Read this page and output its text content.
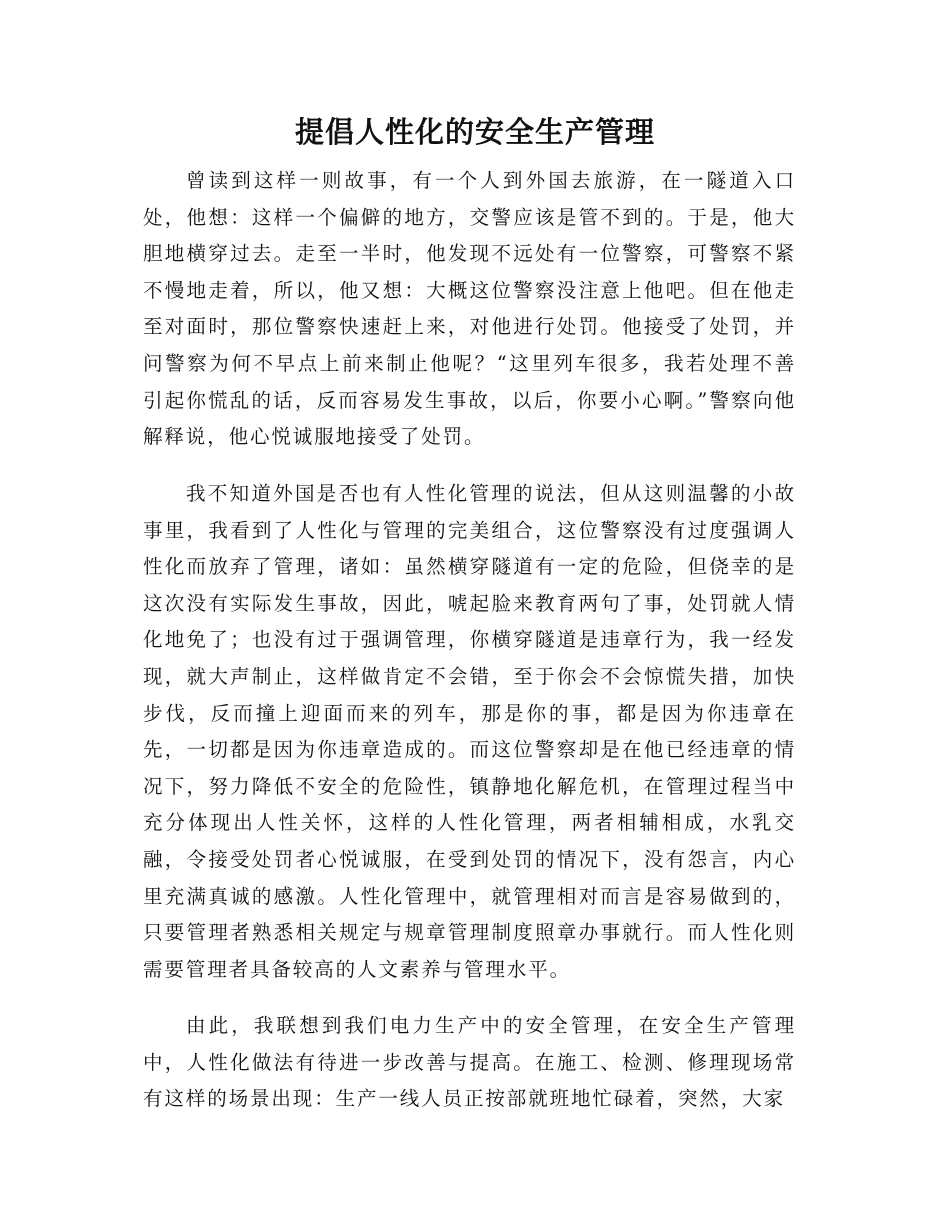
提倡人性化的安全生产管理

曾读到这样一则故事，有一个人到外国去旅游，在一隧道入口处，他想：这样一个偏僻的地方，交警应该是管不到的。于是，他大胆地横穿过去。走至一半时，他发现不远处有一位警察，可警察不紧不慢地走着，所以，他又想：大概这位警察没注意上他吧。但在他走至对面时，那位警察快速赶上来，对他进行处罚。他接受了处罚，并问警察为何不早点上前来制止他呢？“这里列车很多，我若处理不善引起你慌乱的话，反而容易发生事故，以后，你要小心啊。”警察向他解释说，他心悦诚服地接受了处罚。

我不知道外国是否也有人性化管理的说法，但从这则温馨的小故事里，我看到了人性化与管理的完美组合，这位警察没有过度强调人性化而放弃了管理，诸如：虽然横穿隧道有一定的危险，但侥幸的是这次没有实际发生事故，因此，唬起脸来教育两句了事，处罚就人情化地免了；也没有过于强调管理，你横穿隧道是违章行为，我一经发现，就大声制止，这样做肯定不会错，至于你会不会惊慌失措，加快步伐，反而撞上迎面而来的列车，那是你的事，都是因为你违章在先，一切都是因为你违章造成的。而这位警察却是在他已经违章的情况下，努力降低不安全的危险性，镇静地化解危机，在管理过程当中充分体现出人性关怀，这样的人性化管理，两者相辅相成，水乳交融，令接受处罚者心悦诚服，在受到处罚的情况下，没有怨言，内心里充满真诚的感激。人性化管理中，就管理相对而言是容易做到的，只要管理者熟悉相关规定与规章管理制度照章办事就行。而人性化则需要管理者具备较高的人文素养与管理水平。

由此，我联想到我们电力生产中的安全管理，在安全生产管理中，人性化做法有待进一步改善与提高。在施工、检测、修理现场常有这样的场景出现：生产一线人员正按部就班地忙碌着，突然，大家
